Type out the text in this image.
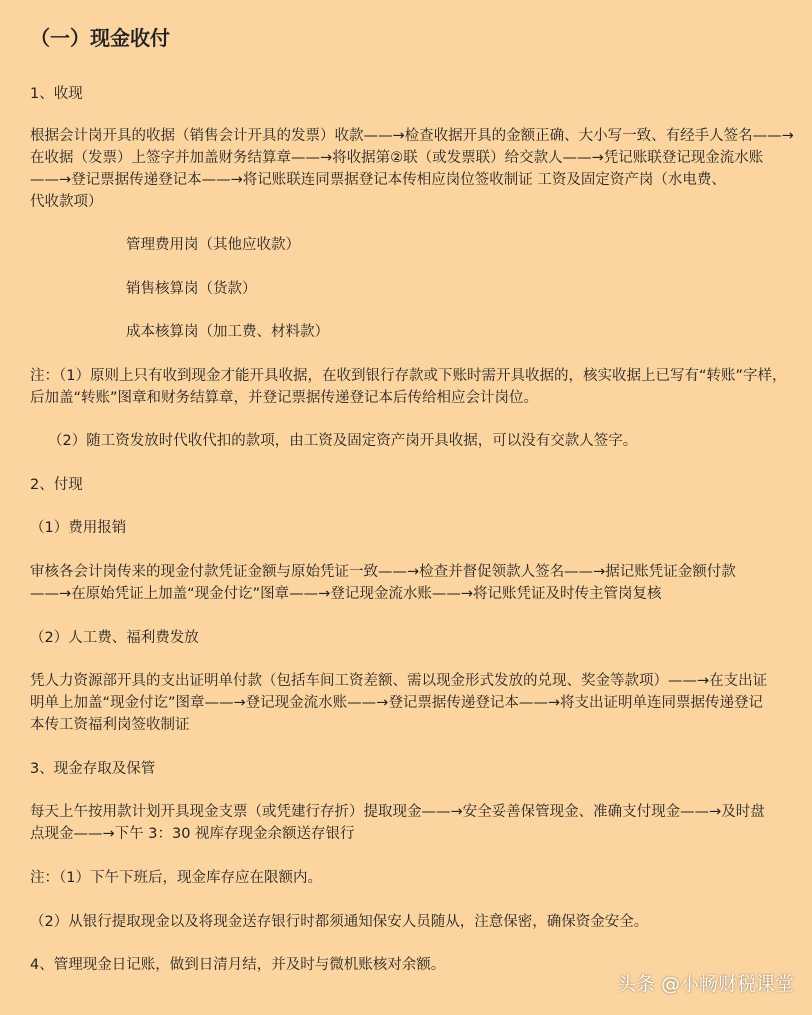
（一）现金收付
1、收现
根据会计岗开具的收据（销售会计开具的发票）收款——→检查收据开具的金额正确、大小写一致、有经手人签名——→
在收据（发票）上签字并加盖财务结算章——→将收据第②联（或发票联）给交款人——→凭记账联登记现金流水账
——→登记票据传递登记本——→将记账联连同票据登记本传相应岗位签收制证 工资及固定资产岗（水电费、
代收款项）
管理费用岗（其他应收款）
销售核算岗（货款）
成本核算岗（加工费、材料款）
注：（1）原则上只有收到现金才能开具收据，在收到银行存款或下账时需开具收据的，核实收据上已写有“转账”字样，
后加盖“转账”图章和财务结算章，并登记票据传递登记本后传给相应会计岗位。
（2）随工资发放时代收代扣的款项，由工资及固定资产岗开具收据，可以没有交款人签字。
2、付现
（1）费用报销
审核各会计岗传来的现金付款凭证金额与原始凭证一致——→检查并督促领款人签名——→据记账凭证金额付款
——→在原始凭证上加盖“现金付讫”图章——→登记现金流水账——→将记账凭证及时传主管岗复核
（2）人工费、福利费发放
凭人力资源部开具的支出证明单付款（包括车间工资差额、需以现金形式发放的兑现、奖金等款项）——→在支出证
明单上加盖“现金付讫”图章——→登记现金流水账——→登记票据传递登记本——→将支出证明单连同票据传递登记
本传工资福利岗签收制证
3、现金存取及保管
每天上午按用款计划开具现金支票（或凭建行存折）提取现金——→安全妥善保管现金、准确支付现金——→及时盘
点现金——→下午 3：30 视库存现金余额送存银行
注：（1）下午下班后，现金库存应在限额内。
（2）从银行提取现金以及将现金送存银行时都须通知保安人员随从，注意保密，确保资金安全。
4、管理现金日记账，做到日清月结，并及时与微机账核对余额。
头条 @小畅财税课堂
